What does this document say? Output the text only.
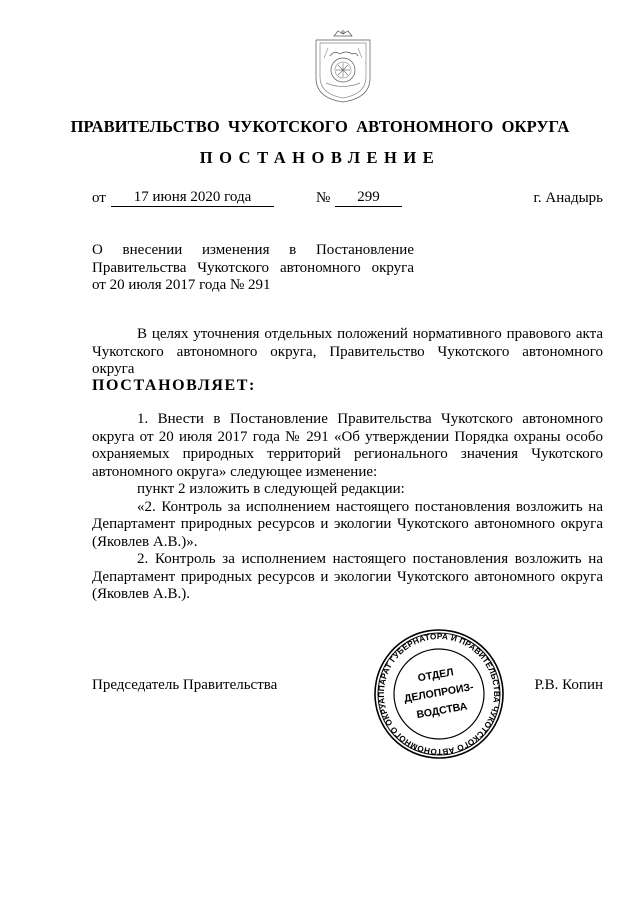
ПРАВИТЕЛЬСТВО ЧУКОТСКОГО АВТОНОМНОГО ОКРУГА
ПОСТАНОВЛЕНИЕ
от	17 июня 2020 года	№	299	г. Анадырь
О внесении изменения в Постановление
Правительства Чукотского автономного округа
от 20 июля 2017 года № 291
В целях уточнения отдельных положений нормативного правового акта
Чукотского автономного округа, Правительство Чукотского автономного округа
ПОСТАНОВЛЯЕТ:
1. Внести в Постановление Правительства Чукотского автономного
округа от 20 июля 2017 года № 291 «Об утверждении Порядка охраны особо
охраняемых природных территорий регионального значения Чукотского
автономного округа» следующее изменение:
пункт 2 изложить в следующей редакции:
«2. Контроль за исполнением настоящего постановления возложить на
Департамент природных ресурсов и экологии Чукотского автономного округа
(Яковлев А.В.)».
2. Контроль за исполнением настоящего постановления возложить на
Департамент природных ресурсов и экологии Чукотского автономного округа
(Яковлев А.В.).
Председатель Правительства	Р.В. Копин
АППАРАТ ГУБЕРНАТОРА И ПРАВИТЕЛЬСТВА ЧУКОТСКОГО АВТОНОМНОГО ОКРУГА
ОТДЕЛ
ДЕЛОПРОИЗ-
ВОДСТВА
